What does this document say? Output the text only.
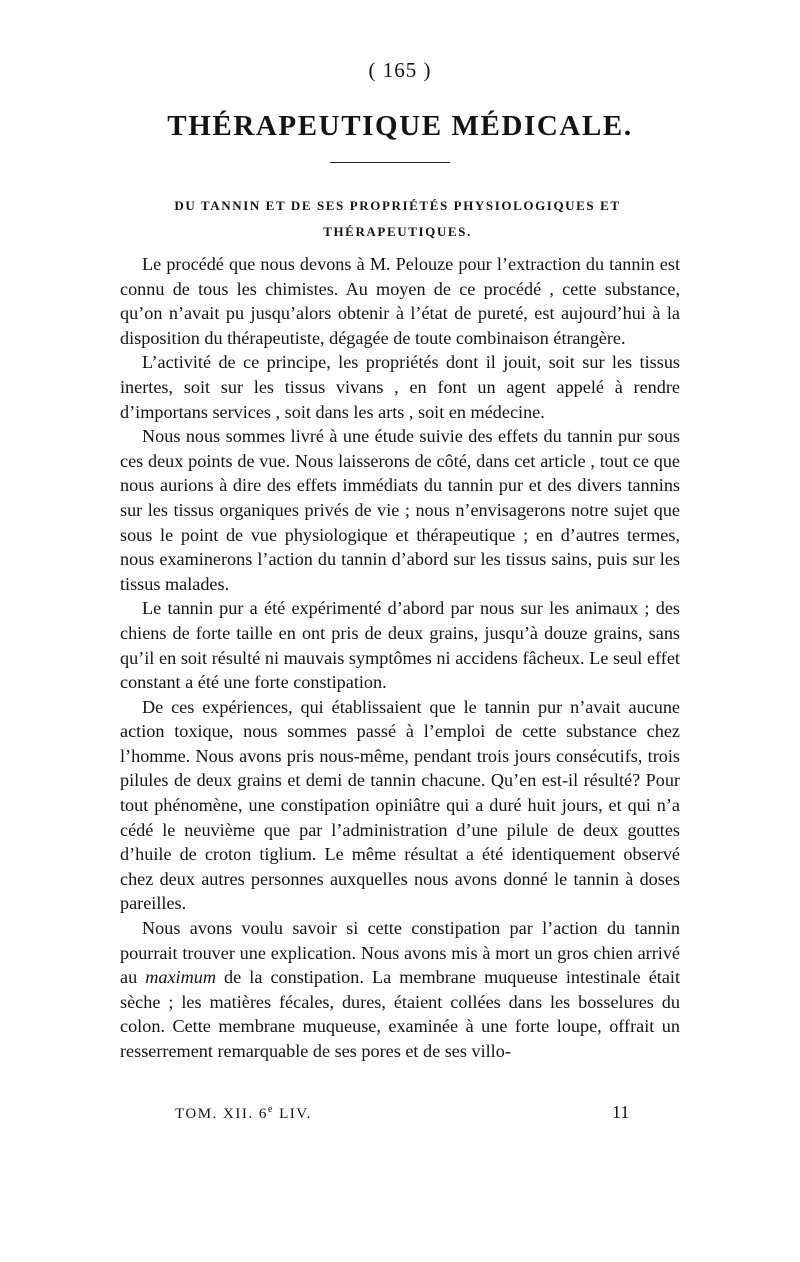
( 165 )
THÉRAPEUTIQUE MÉDICALE.
DU TANNIN ET DE SES PROPRIÉTÉS PHYSIOLOGIQUES ET
THÉRAPEUTIQUES.

Le procédé que nous devons à M. Pelouze pour l’extraction du tannin est connu de tous les chimistes. Au moyen de ce procédé , cette substance, qu’on n’avait pu jusqu’alors obtenir à l’état de pureté, est aujourd’hui à la disposition du thérapeutiste, dégagée de toute combinaison étrangère.

L’activité de ce principe, les propriétés dont il jouit, soit sur les tissus inertes, soit sur les tissus vivans , en font un agent appelé à rendre d’importans services , soit dans les arts , soit en médecine.

Nous nous sommes livré à une étude suivie des effets du tannin pur sous ces deux points de vue. Nous laisserons de côté, dans cet article , tout ce que nous aurions à dire des effets immédiats du tannin pur et des divers tannins sur les tissus organiques privés de vie ; nous n’envisagerons notre sujet que sous le point de vue physiologique et thérapeutique ; en d’autres termes, nous examinerons l’action du tannin d’abord sur les tissus sains, puis sur les tissus malades.

Le tannin pur a été expérimenté d’abord par nous sur les animaux ; des chiens de forte taille en ont pris de deux grains, jusqu’à douze grains, sans qu’il en soit résulté ni mauvais symptômes ni accidens fâcheux. Le seul effet constant a été une forte constipation.

De ces expériences, qui établissaient que le tannin pur n’avait aucune action toxique, nous sommes passé à l’emploi de cette substance chez l’homme. Nous avons pris nous-même, pendant trois jours consécutifs, trois pilules de deux grains et demi de tannin chacune. Qu’en est-il résulté? Pour tout phénomène, une constipation opiniâtre qui a duré huit jours, et qui n’a cédé le neuvième que par l’administration d’une pilule de deux gouttes d’huile de croton tiglium. Le même résultat a été identiquement observé chez deux autres personnes auxquelles nous avons donné le tannin à doses pareilles.

Nous avons voulu savoir si cette constipation par l’action du tannin pourrait trouver une explication. Nous avons mis à mort un gros chien arrivé au maximum de la constipation. La membrane muqueuse intestinale était sèche ; les matières fécales, dures, étaient collées dans les bosselures du colon. Cette membrane muqueuse, examinée à une forte loupe, offrait un resserrement remarquable de ses pores et de ses villo-

TOM. XII. 6e LIV.	11
